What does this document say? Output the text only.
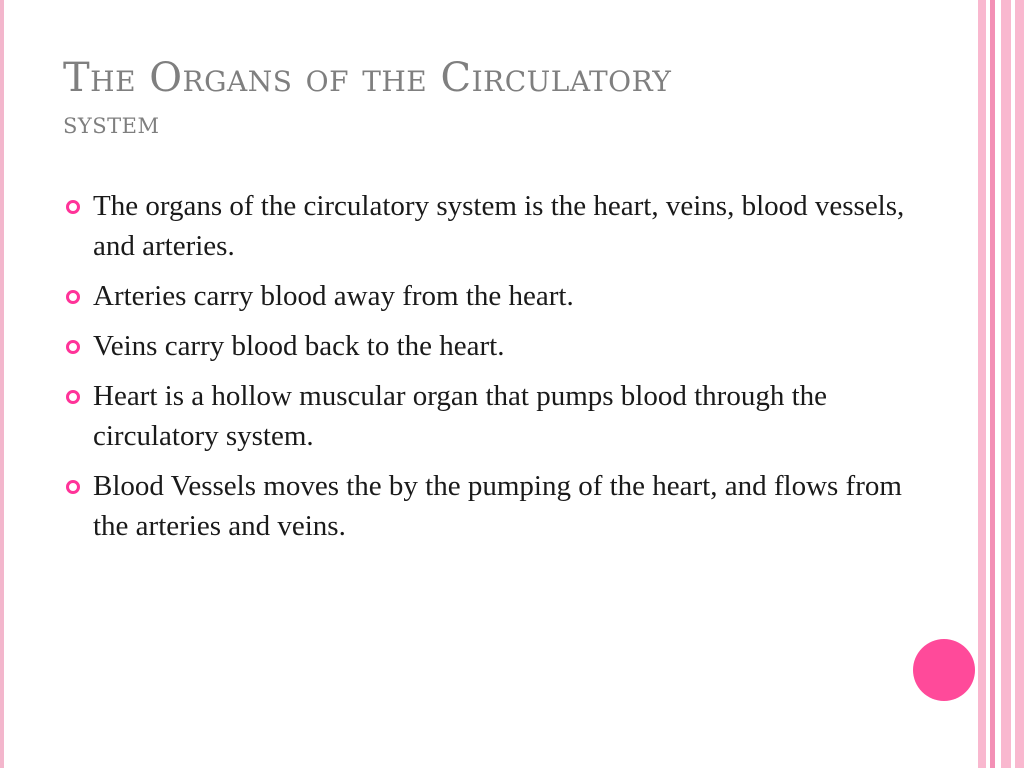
The Organs of the Circulatory
system
The organs of the circulatory system is the heart, veins, blood vessels, and arteries.
Arteries carry blood away from the heart.
Veins carry blood back to the heart.
Heart is a hollow muscular organ that pumps blood through the circulatory system.
Blood Vessels moves the by the pumping of the heart, and flows from the arteries and veins.
